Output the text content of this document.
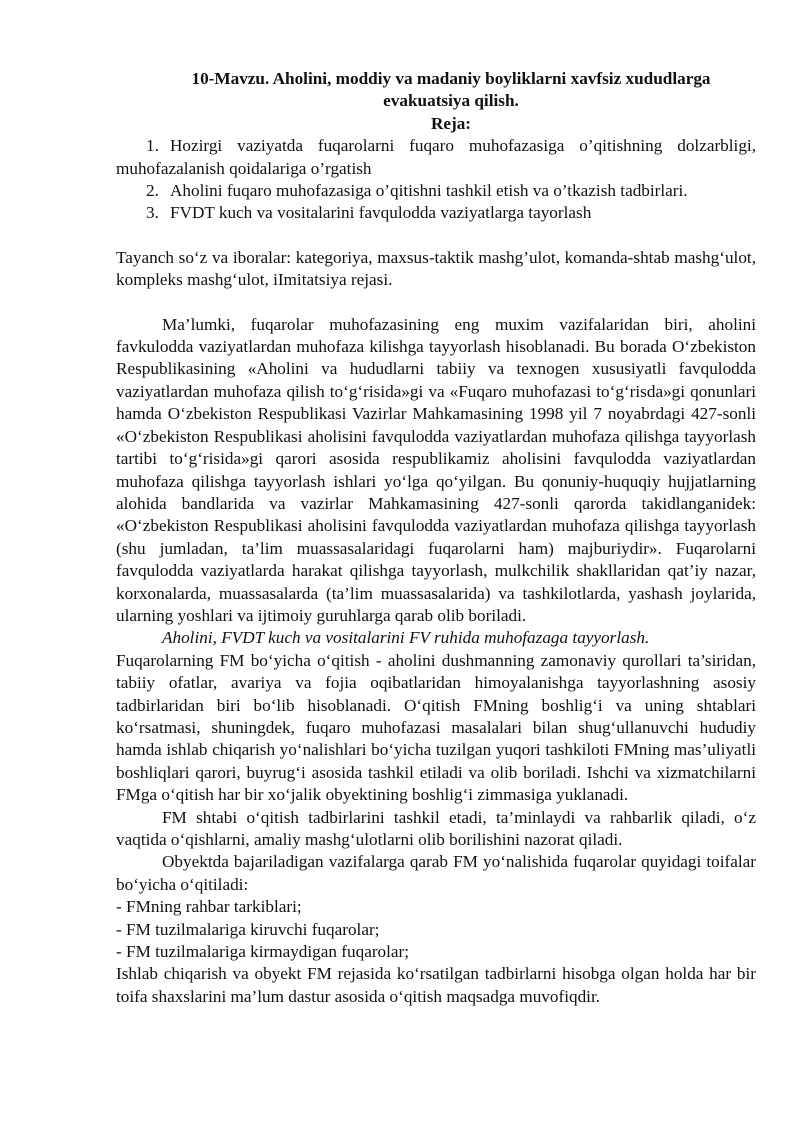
10-Mavzu. Aholini, moddiy va madaniy boyliklarni xavfsiz xududlarga
evakuatsiya qilish.

Reja:

1. Hozirgi vaziyatda fuqarolarni fuqaro muhofazasiga o’qitishning dolzarbligi, muhofazalanish qoidalariga o’rgatish
2. Aholini fuqaro muhofazasiga o’qitishni tashkil etish va o’tkazish tadbirlari.
3. FVDT kuch va vositalarini favqulodda vaziyatlarga tayorlash

Tayanch so‘z va iboralar: kategoriya, maxsus-taktik mashg’ulot, komanda-shtab mashg‘ulot, kompleks mashg‘ulot, iImitatsiya rejasi.

Ma’lumki, fuqarolar muhofazasining eng muxim vazifalaridan biri, aholini favkulodda vaziyatlardan muhofaza kilishga tayyorlash hisoblanadi. Bu borada O‘zbekiston Respublikasining «Aholini va hududlarni tabiiy va texnogen xususiyatli favqulodda vaziyatlardan muhofaza qilish to‘g‘risida»gi va «Fuqaro muhofazasi to‘g‘risda»gi qonunlari hamda O‘zbekiston Respublikasi Vazirlar Mahkamasining 1998 yil 7 noyabrdagi 427-sonli «O‘zbekiston Respublikasi aholisini favqulodda vaziyatlardan muhofaza qilishga tayyorlash tartibi to‘g‘risida»gi qarori asosida respublikamiz aholisini favqulodda vaziyatlardan muhofaza qilishga tayyorlash ishlari yo‘lga qo‘yilgan. Bu qonuniy-huquqiy hujjatlarning alohida bandlarida va vazirlar Mahkamasining 427-sonli qarorda takidlanganidek: «O‘zbekiston Respublikasi aholisini favqulodda vaziyatlardan muhofaza qilishga tayyorlash (shu jumladan, ta’lim muassasalaridagi fuqarolarni ham) majburiydir». Fuqarolarni favqulodda vaziyatlarda harakat qilishga tayyorlash, mulkchilik shakllaridan qat’iy nazar, korxonalarda, muassasalarda (ta’lim muassasalarida) va tashkilotlarda, yashash joylarida, ularning yoshlari va ijtimoiy guruhlarga qarab olib boriladi.

Aholini, FVDT kuch va vositalarini FV ruhida muhofazaga tayyorlash.

Fuqarolarning FM bo‘yicha o‘qitish - aholini dushmanning zamonaviy qurollari ta’siridan, tabiiy ofatlar, avariya va fojia oqibatlaridan himoyalanishga tayyorlashning asosiy tadbirlaridan biri bo‘lib hisoblanadi. O‘qitish FMning boshlig‘i va uning shtablari ko‘rsatmasi, shuningdek, fuqaro muhofazasi masalalari bilan shug‘ullanuvchi hududiy hamda ishlab chiqarish yo‘nalishlari bo‘yicha tuzilgan yuqori tashkiloti FMning mas’uliyatli boshliqlari qarori, buyrug‘i asosida tashkil etiladi va olib boriladi. Ishchi va xizmatchilarni FMga o‘qitish har bir xo‘jalik obyektining boshlig‘i zimmasiga yuklanadi.

FM shtabi o‘qitish tadbirlarini tashkil etadi, ta’minlaydi va rahbarlik qiladi, o‘z vaqtida o‘qishlarni, amaliy mashg‘ulotlarni olib borilishini nazorat qiladi.

Obyektda bajariladigan vazifalarga qarab FM yo‘nalishida fuqarolar quyidagi toifalar bo‘yicha o‘qitiladi:

- FMning rahbar tarkiblari;

- FM tuzilmalariga kiruvchi fuqarolar;

- FM tuzilmalariga kirmaydigan fuqarolar;

Ishlab chiqarish va obyekt FM rejasida ko‘rsatilgan tadbirlarni hisobga olgan holda har bir toifa shaxslarini ma’lum dastur asosida o‘qitish maqsadga muvofiqdir.
